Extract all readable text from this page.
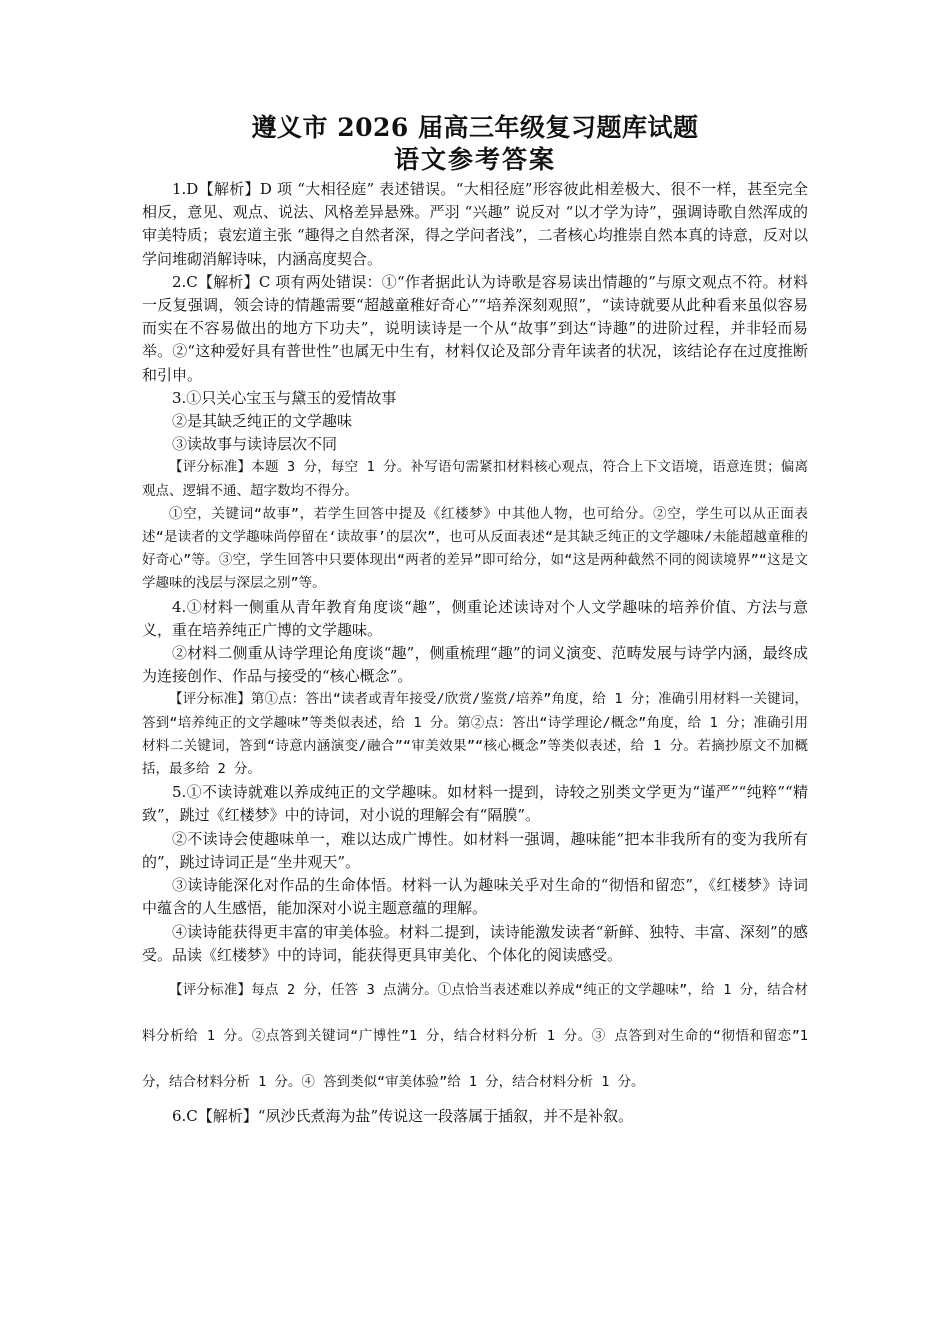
遵义市 2026 届高三年级复习题库试题
语文参考答案

1.D【解析】D 项 “大相径庭” 表述错误。“大相径庭”形容彼此相差极大、很不一样，甚至完全相反，意见、观点、说法、风格差异悬殊。严羽 “兴趣” 说反对 “以才学为诗”，强调诗歌自然浑成的审美特质；袁宏道主张 “趣得之自然者深，得之学问者浅”，二者核心均推崇自然本真的诗意，反对以学问堆砌消解诗味，内涵高度契合。

2.C【解析】C 项有两处错误：①“作者据此认为诗歌是容易读出情趣的”与原文观点不符。材料一反复强调，领会诗的情趣需要“超越童稚好奇心”“培养深刻观照”，“读诗就要从此种看来虽似容易而实在不容易做出的地方下功夫”，说明读诗是一个从“故事”到达“诗趣”的进阶过程，并非轻而易举。②“这种爱好具有普世性”也属无中生有，材料仅论及部分青年读者的状况，该结论存在过度推断和引申。

3.①只关心宝玉与黛玉的爱情故事

②是其缺乏纯正的文学趣味

③读故事与读诗层次不同

【评分标准】本题 3 分，每空 1 分。补写语句需紧扣材料核心观点，符合上下文语境，语意连贯；偏离观点、逻辑不通、超字数均不得分。

①空，关键词“故事”，若学生回答中提及《红楼梦》中其他人物，也可给分。②空，学生可以从正面表述“是读者的文学趣味尚停留在‘读故事’的层次”，也可从反面表述“是其缺乏纯正的文学趣味/未能超越童稚的好奇心”等。③空，学生回答中只要体现出“两者的差异”即可给分，如“这是两种截然不同的阅读境界”“这是文学趣味的浅层与深层之别”等。

4.①材料一侧重从青年教育角度谈“趣”，侧重论述读诗对个人文学趣味的培养价值、方法与意义，重在培养纯正广博的文学趣味。

②材料二侧重从诗学理论角度谈“趣”，侧重梳理“趣”的词义演变、范畴发展与诗学内涵，最终成为连接创作、作品与接受的“核心概念”。

【评分标准】第①点：答出“读者或青年接受/欣赏/鉴赏/培养”角度，给 1 分；准确引用材料一关键词，答到“培养纯正的文学趣味”等类似表述，给 1 分。第②点：答出“诗学理论/概念”角度，给 1 分；准确引用材料二关键词，答到“诗意内涵演变/融合”“审美效果”“核心概念”等类似表述，给 1 分。若摘抄原文不加概括，最多给 2 分。

5.①不读诗就难以养成纯正的文学趣味。如材料一提到，诗较之别类文学更为“谨严”“纯粹”“精致”，跳过《红楼梦》中的诗词，对小说的理解会有“隔膜”。

②不读诗会使趣味单一，难以达成广博性。如材料一强调，趣味能“把本非我所有的变为我所有的”，跳过诗词正是“坐井观天”。

③读诗能深化对作品的生命体悟。材料一认为趣味关乎对生命的“彻悟和留恋”，《红楼梦》诗词中蕴含的人生感悟，能加深对小说主题意蕴的理解。

④读诗能获得更丰富的审美体验。材料二提到，读诗能激发读者“新鲜、独特、丰富、深刻”的感受。品读《红楼梦》中的诗词，能获得更具审美化、个体化的阅读感受。

【评分标准】每点 2 分，任答 3 点满分。①点恰当表述难以养成“纯正的文学趣味”，给 1 分，结合材料分析给 1 分。②点答到关键词“广博性”1 分，结合材料分析 1 分。③ 点答到对生命的“彻悟和留恋”1 分，结合材料分析 1 分。④ 答到类似“审美体验”给 1 分，结合材料分析 1 分。

6.C【解析】“夙沙氏煮海为盐”传说这一段落属于插叙，并不是补叙。
